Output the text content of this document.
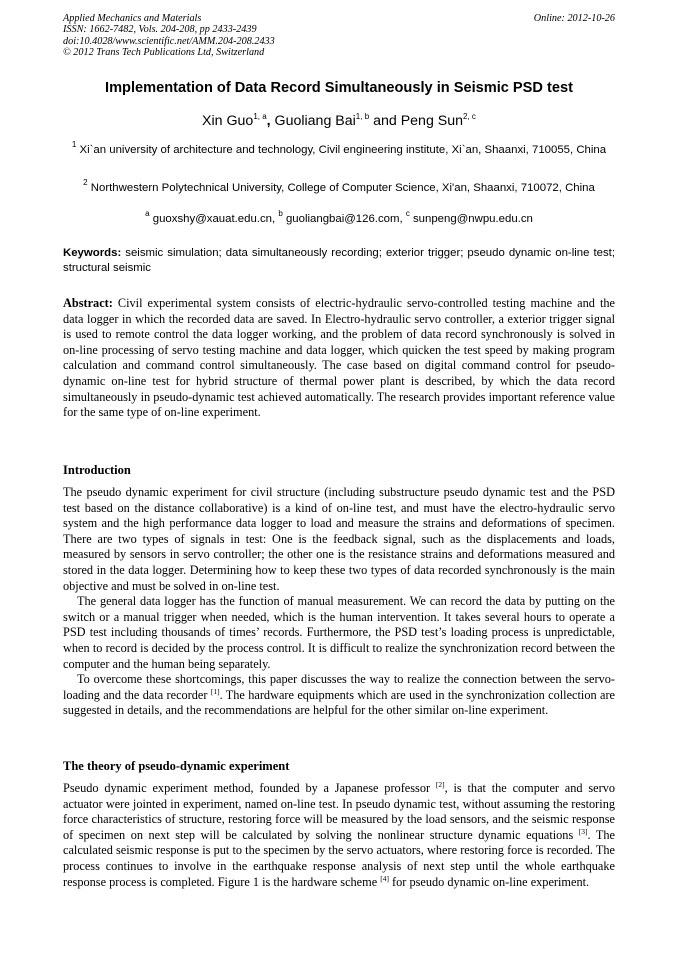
Applied Mechanics and Materials
ISSN: 1662-7482, Vols. 204-208, pp 2433-2439
doi:10.4028/www.scientific.net/AMM.204-208.2433
© 2012 Trans Tech Publications Ltd, Switzerland
Online: 2012-10-26
Implementation of Data Record Simultaneously in Seismic PSD test
Xin Guo$^{1, a}$, Guoliang Bai$^{1, b}$ and Peng Sun$^{2, c}$
$^1$ Xi`an university of architecture and technology, Civil engineering institute, Xi`an, Shaanxi, 710055, China
$^2$ Northwestern Polytechnical University, College of Computer Science, Xi'an, Shaanxi, 710072, China
$^a$ guoxshy@xauat.edu.cn, $^b$ guoliangbai@126.com, $^c$ sunpeng@nwpu.edu.cn
Keywords: seismic simulation; data simultaneously recording; exterior trigger; pseudo dynamic on-line test; structural seismic

Abstract: Civil experimental system consists of electric-hydraulic servo-controlled testing machine and the data logger in which the recorded data are saved. In Electro-hydraulic servo controller, a exterior trigger signal is used to remote control the data logger working, and the problem of data record synchronously is solved in on-line processing of servo testing machine and data logger, which quicken the test speed by making program calculation and command control simultaneously. The case based on digital command control for pseudo-dynamic on-line test for hybrid structure of thermal power plant is described, by which the data record simultaneously in pseudo-dynamic test achieved automatically. The research provides important reference value for the same type of on-line experiment.

Introduction

The pseudo dynamic experiment for civil structure (including substructure pseudo dynamic test and the PSD test based on the distance collaborative) is a kind of on-line test, and must have the electro-hydraulic servo system and the high performance data logger to load and measure the strains and deformations of specimen. There are two types of signals in test: One is the feedback signal, such as the displacements and loads, measured by sensors in servo controller; the other one is the resistance strains and deformations measured and stored in the data logger. Determining how to keep these two types of data recorded synchronously is the main objective and must be solved in on-line test.

The general data logger has the function of manual measurement. We can record the data by putting on the switch or a manual trigger when needed, which is the human intervention. It takes several hours to operate a PSD test including thousands of times’ records. Furthermore, the PSD test’s loading process is unpredictable, when to record is decided by the process control. It is difficult to realize the synchronization record between the computer and the human being separately.

To overcome these shortcomings, this paper discusses the way to realize the connection between the servo-loading and the data recorder [1]. The hardware equipments which are used in the synchronization collection are suggested in details, and the recommendations are helpful for the other similar on-line experiment.

The theory of pseudo-dynamic experiment

Pseudo dynamic experiment method, founded by a Japanese professor [2], is that the computer and servo actuator were jointed in experiment, named on-line test. In pseudo dynamic test, without assuming the restoring force characteristics of structure, restoring force will be measured by the load sensors, and the seismic response of specimen on next step will be calculated by solving the nonlinear structure dynamic equations [3]. The calculated seismic response is put to the specimen by the servo actuators, where restoring force is recorded. The process continues to involve in the earthquake response analysis of next step until the whole earthquake response process is completed. Figure 1 is the hardware scheme [4] for pseudo dynamic on-line experiment.
